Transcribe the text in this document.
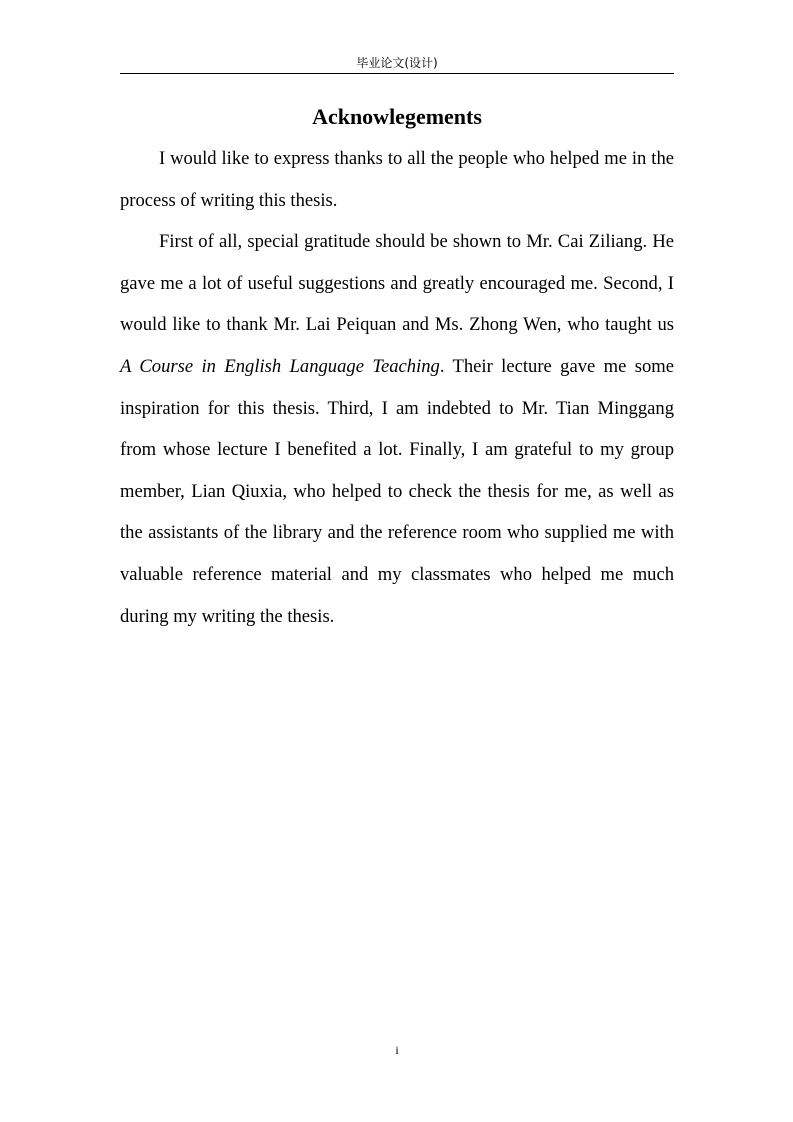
毕业论文(设计)
Acknowlegements

I would like to express thanks to all the people who helped me in the process of writing this thesis.

First of all, special gratitude should be shown to Mr. Cai Ziliang. He gave me a lot of useful suggestions and greatly encouraged me. Second, I would like to thank Mr. Lai Peiquan and Ms. Zhong Wen, who taught us A Course in English Language Teaching. Their lecture gave me some inspiration for this thesis. Third, I am indebted to Mr. Tian Minggang from whose lecture I benefited a lot. Finally, I am grateful to my group member, Lian Qiuxia, who helped to check the thesis for me, as well as the assistants of the library and the reference room who supplied me with valuable reference material and my classmates who helped me much during my writing the thesis.

i
